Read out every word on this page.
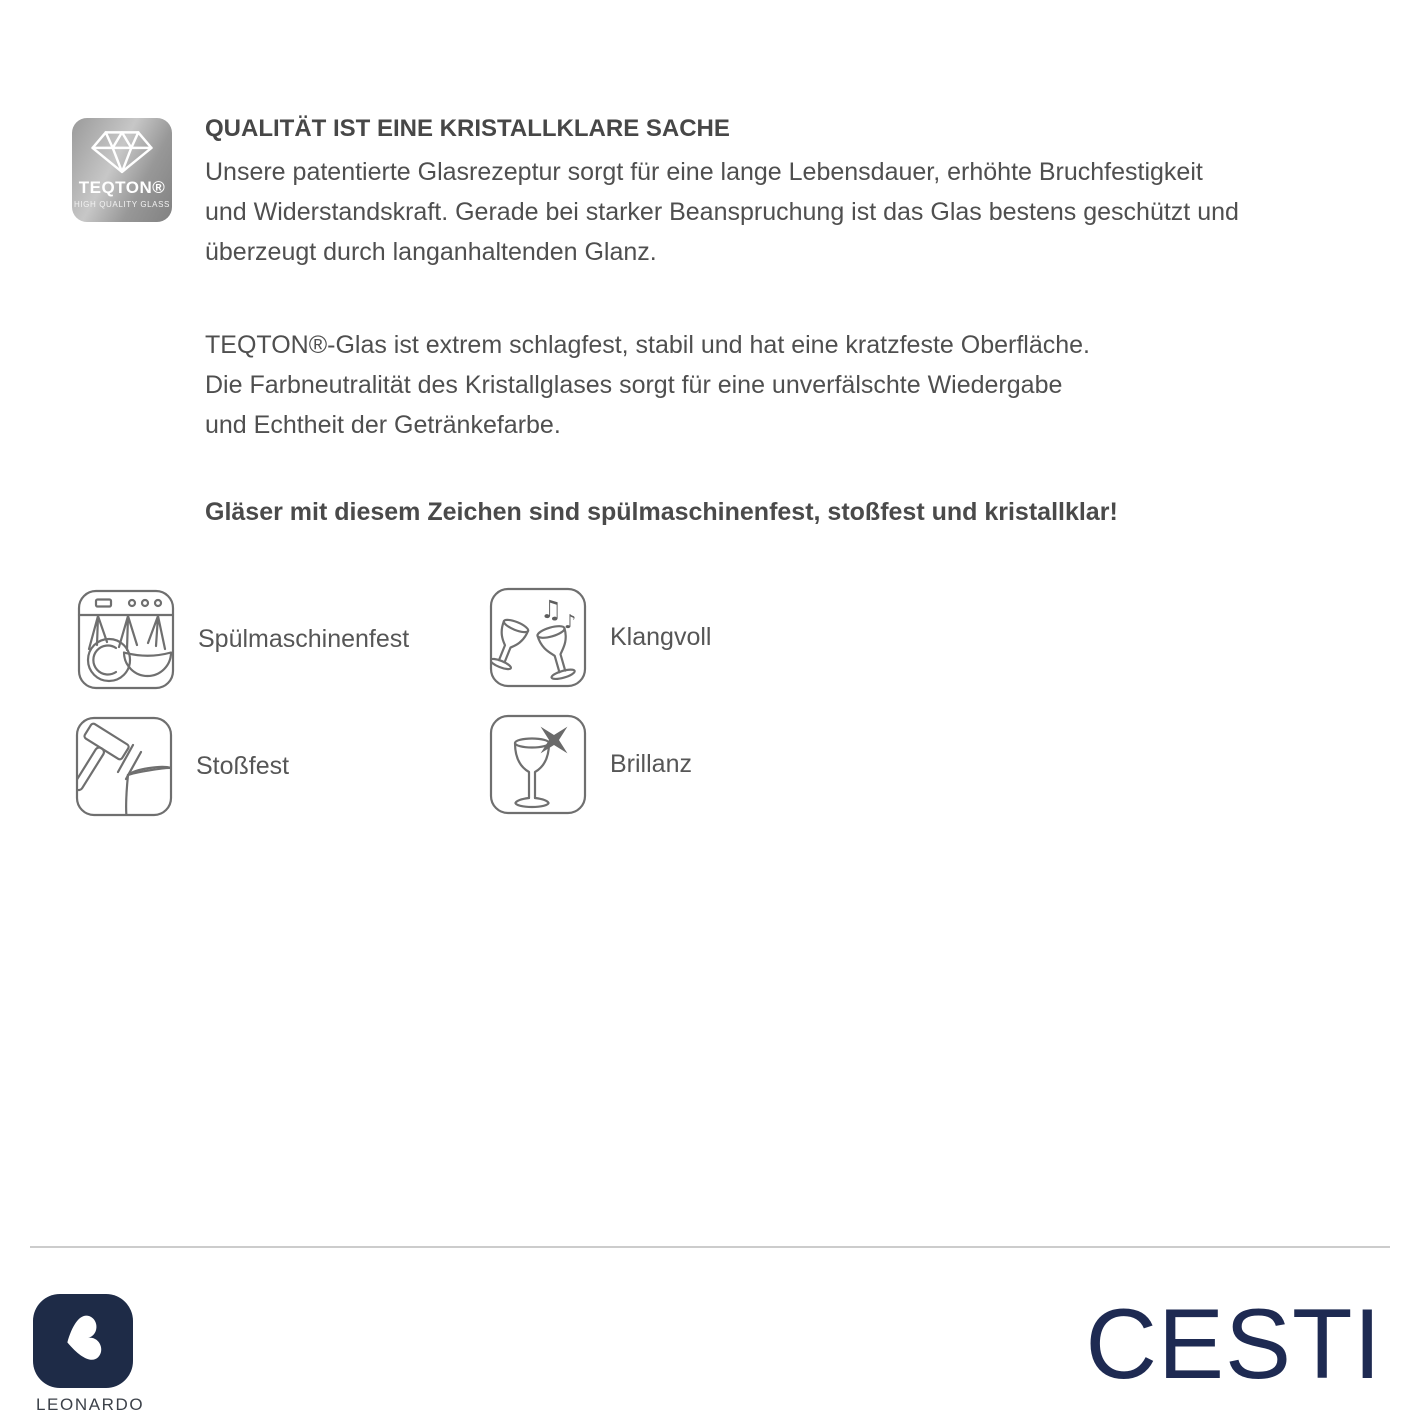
TEQTON®
HIGH QUALITY GLASS
QUALITÄT IST EINE KRISTALLKLARE SACHE
Unsere patentierte Glasrezeptur sorgt für eine lange Lebensdauer, erhöhte Bruchfestigkeit
und Widerstandskraft. Gerade bei starker Beanspruchung ist das Glas bestens geschützt und
überzeugt durch langanhaltenden Glanz.
TEQTON®-Glas ist extrem schlagfest, stabil und hat eine kratzfeste Oberfläche.
Die Farbneutralität des Kristallglases sorgt für eine unverfälschte Wiedergabe
und Echtheit der Getränkefarbe.
Gläser mit diesem Zeichen sind spülmaschinenfest, stoßfest und kristallklar!
Spülmaschinenfest
♫ ♪
Klangvoll
Stoßfest	Brillanz
LEONARDO
CESTI
